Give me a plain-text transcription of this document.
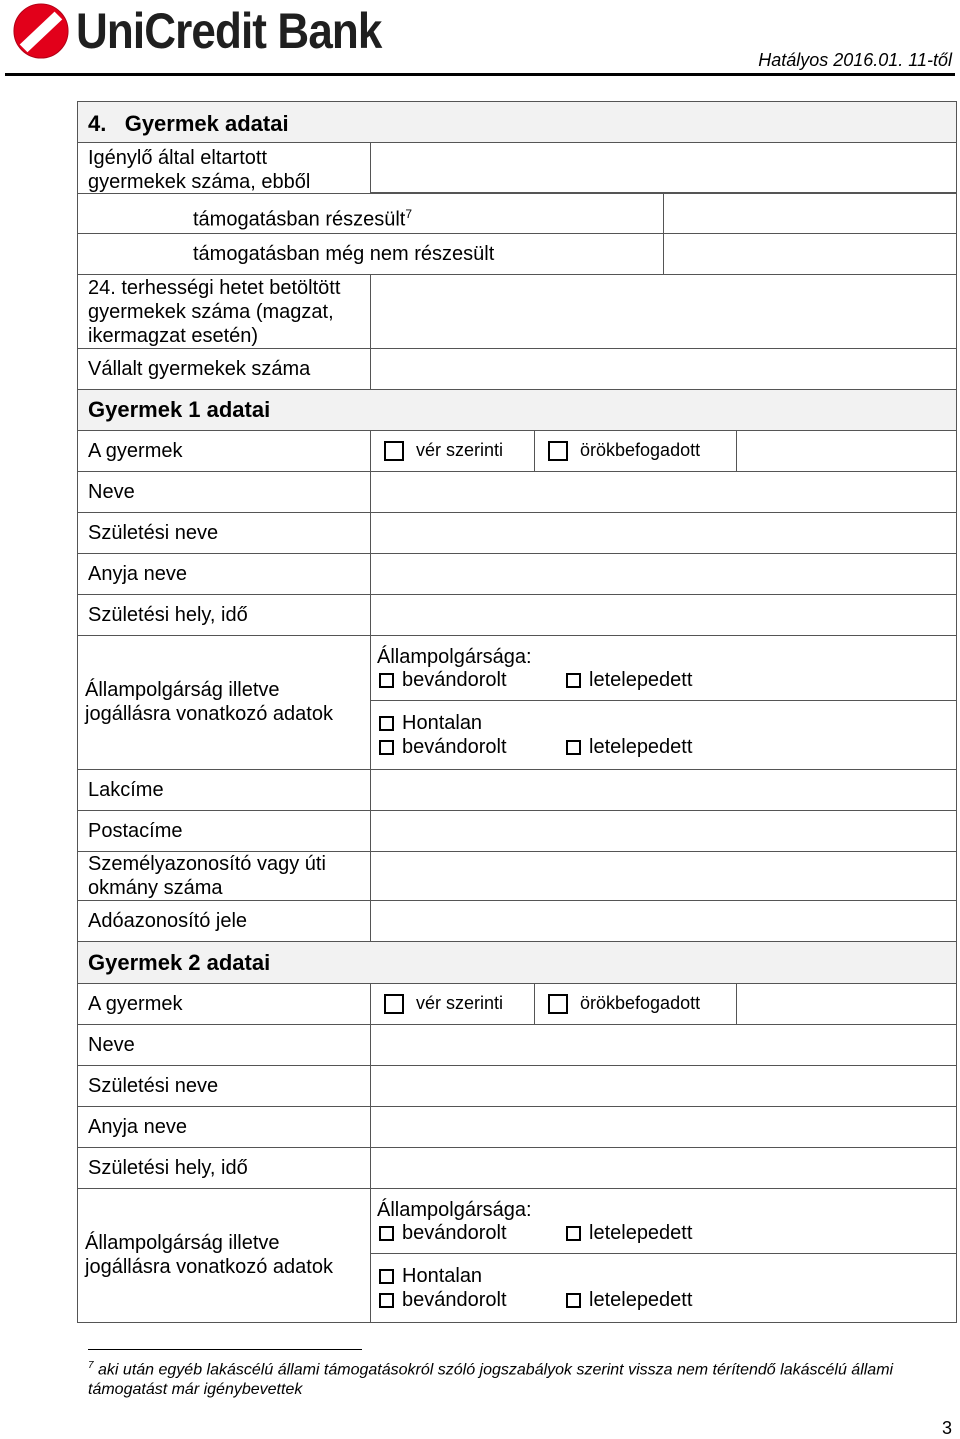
UniCredit Bank
Hatályos 2016.01. 11-től
4. Gyermek adatai
Igénylő által eltartott gyermekek száma, ebből
támogatásban részesült$^7$
támogatásban még nem részesült
24. terhességi hetet betöltött gyermekek száma (magzat, ikermagzat esetén)
Vállalt gyermekek száma
Gyermek 1 adatai
A gyermek	vér szerinti	örökbefogadott
Neve
Születési neve
Anyja neve
Születési hely, idő
Állampolgárság illetve jogállásra vonatkozó adatok
Állampolgársága:
bevándorolt	letelepedett
Hontalan
bevándorolt	letelepedett
Lakcíme
Postacíme
Személyazonosító vagy úti okmány száma
Adóazonosító jele
Gyermek 2 adatai
A gyermek	vér szerinti	örökbefogadott
Neve
Születési neve
Anyja neve
Születési hely, idő
Állampolgárság illetve jogállásra vonatkozó adatok
Állampolgársága:
bevándorolt	letelepedett
Hontalan
bevándorolt	letelepedett
$^7$ aki után egyéb lakáscélú állami támogatásokról szóló jogszabályok szerint vissza nem térítendő lakáscélú állami támogatást már igénybevettek
3
